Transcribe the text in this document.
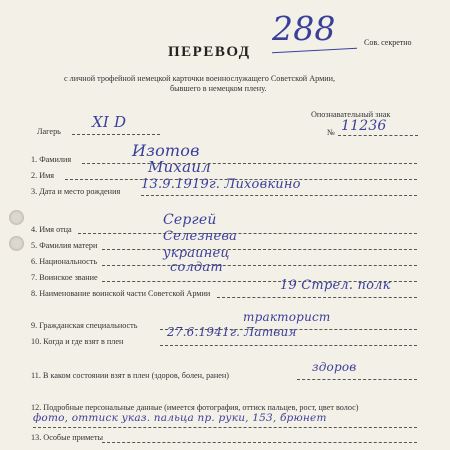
ПЕРЕВОД
288	Сов. секретно
с личной трофейной немецкой карточки военнослужащего Советской Армии,
бывшего в немецком плену.
Лагерь
XI D	Опознавательный знак
№ 11236
1. Фамилия	Изотов
2. Имя	Михаил
3. Дата и место рождения 13.9.1919г. Лиховкино
4. Имя отца
Сергей
5. Фамилия матери
Селезнева
6. Национальность
украинец
7. Воинское звание
солдат
8. Наименование воинской части Советской Армии
19 Стрел. полк
9. Гражданская специальность
тракторист
10. Когда и где взят в плен
27.6.1941г. Латвия
11. В каком состоянии взят в плен (здоров, болен, ранен)
здоров
12. Подробные персональные данные (имеется фотография, оттиск пальцев, рост, цвет волос)
фото, оттиск указ. пальца пр. руки, 153, брюнет
13. Особые приметы
